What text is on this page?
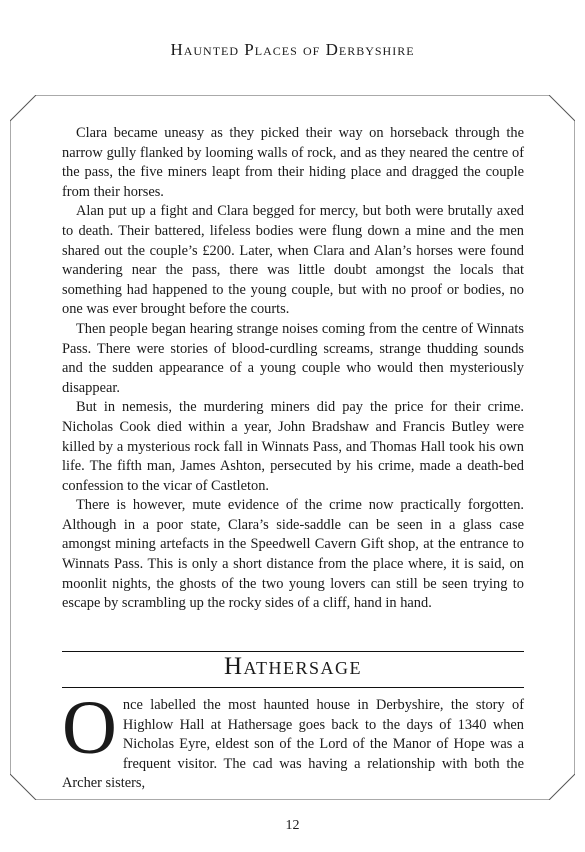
Haunted Places of Derbyshire

Clara became uneasy as they picked their way on horseback through the narrow gully flanked by looming walls of rock, and as they neared the centre of the pass, the five miners leapt from their hiding place and dragged the couple from their horses.

Alan put up a fight and Clara begged for mercy, but both were brutally axed to death. Their battered, lifeless bodies were flung down a mine and the men shared out the couple’s £200. Later, when Clara and Alan’s horses were found wandering near the pass, there was little doubt amongst the locals that something had happened to the young couple, but with no proof or bodies, no one was ever brought before the courts.

Then people began hearing strange noises coming from the centre of Winnats Pass. There were stories of blood-curdling screams, strange thudding sounds and the sudden appearance of a young couple who would then mysteriously disappear.

But in nemesis, the murdering miners did pay the price for their crime. Nicholas Cook died within a year, John Bradshaw and Francis Butley were killed by a mysterious rock fall in Winnats Pass, and Thomas Hall took his own life. The fifth man, James Ashton, persecuted by his crime, made a death-bed confession to the vicar of Castleton.

There is however, mute evidence of the crime now practically forgotten. Although in a poor state, Clara’s side-saddle can be seen in a glass case amongst mining artefacts in the Speedwell Cavern Gift shop, at the entrance to Winnats Pass. This is only a short distance from the place where, it is said, on moonlit nights, the ghosts of the two young lovers can still be seen trying to escape by scrambling up the rocky sides of a cliff, hand in hand.

Hathersage
Once labelled the most haunted house in Derbyshire, the story of Highlow Hall at Hathersage goes back to the days of 1340 when Nicholas Eyre, eldest son of the Lord of the Manor of Hope was a frequent visitor. The cad was having a relationship with both the Archer sisters,
12
